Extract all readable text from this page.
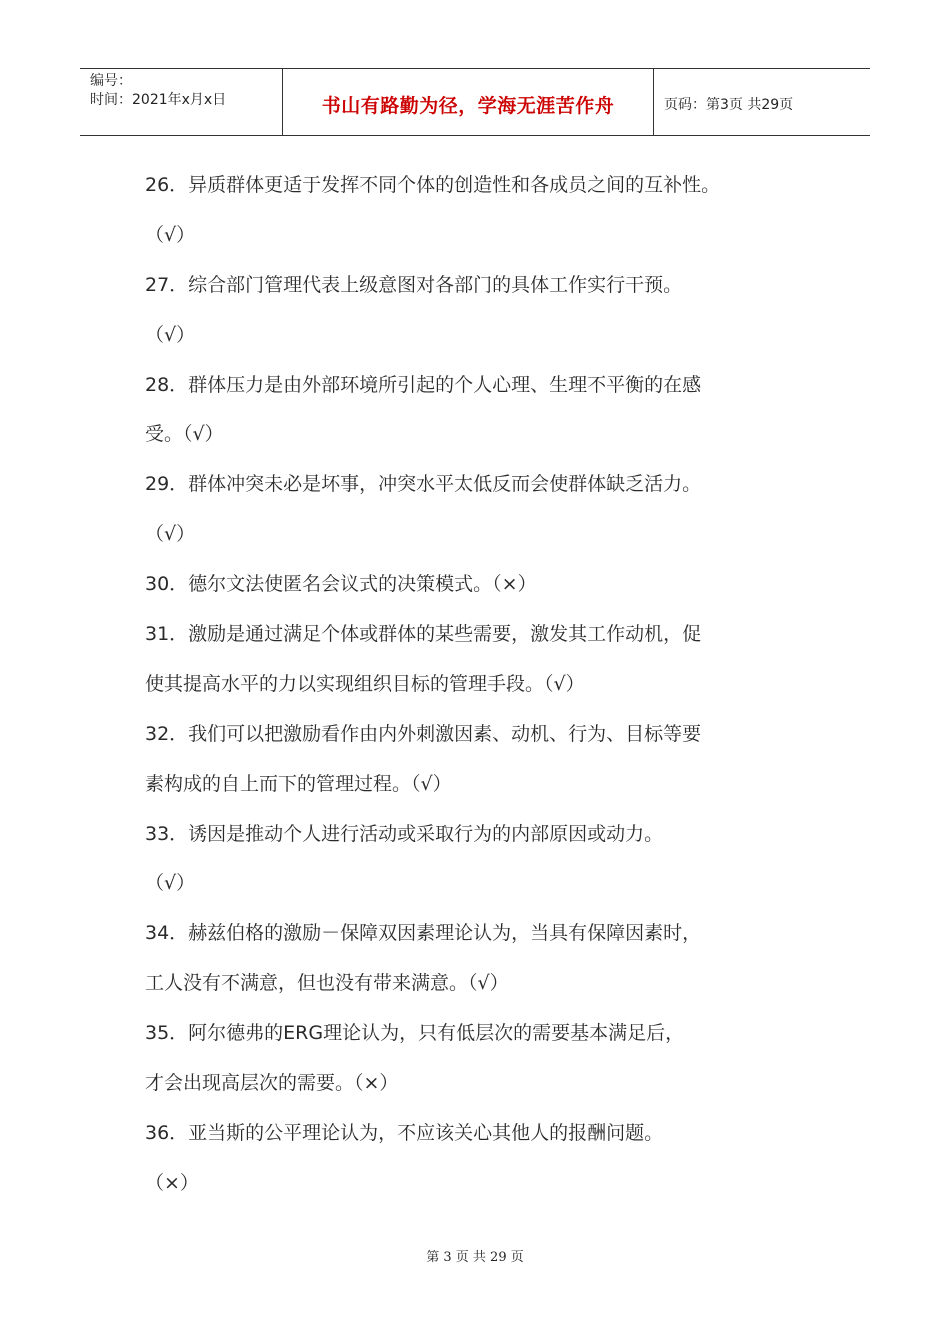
编号：
时间：2021年x月x日	书山有路勤为径，学海无涯苦作舟	页码：第3页 共29页
26．异质群体更适于发挥不同个体的创造性和各成员之间的互补性。
（√）
27．综合部门管理代表上级意图对各部门的具体工作实行干预。
（√）
28．群体压力是由外部环境所引起的个人心理、生理不平衡的在感
受。（√）
29．群体冲突未必是坏事，冲突水平太低反而会使群体缺乏活力。
（√）
30．德尔文法使匿名会议式的决策模式。（×）
31．激励是通过满足个体或群体的某些需要，激发其工作动机，促
使其提高水平的力以实现组织目标的管理手段。（√）
32．我们可以把激励看作由内外刺激因素、动机、行为、目标等要
素构成的自上而下的管理过程。（√）
33．诱因是推动个人进行活动或采取行为的内部原因或动力。
（√）
34．赫兹伯格的激励－保障双因素理论认为，当具有保障因素时，
工人没有不满意，但也没有带来满意。（√）
35．阿尔德弗的ERG理论认为，只有低层次的需要基本满足后，
才会出现高层次的需要。（×）
36．亚当斯的公平理论认为，不应该关心其他人的报酬问题。
（×）
第 3 页 共 29 页
